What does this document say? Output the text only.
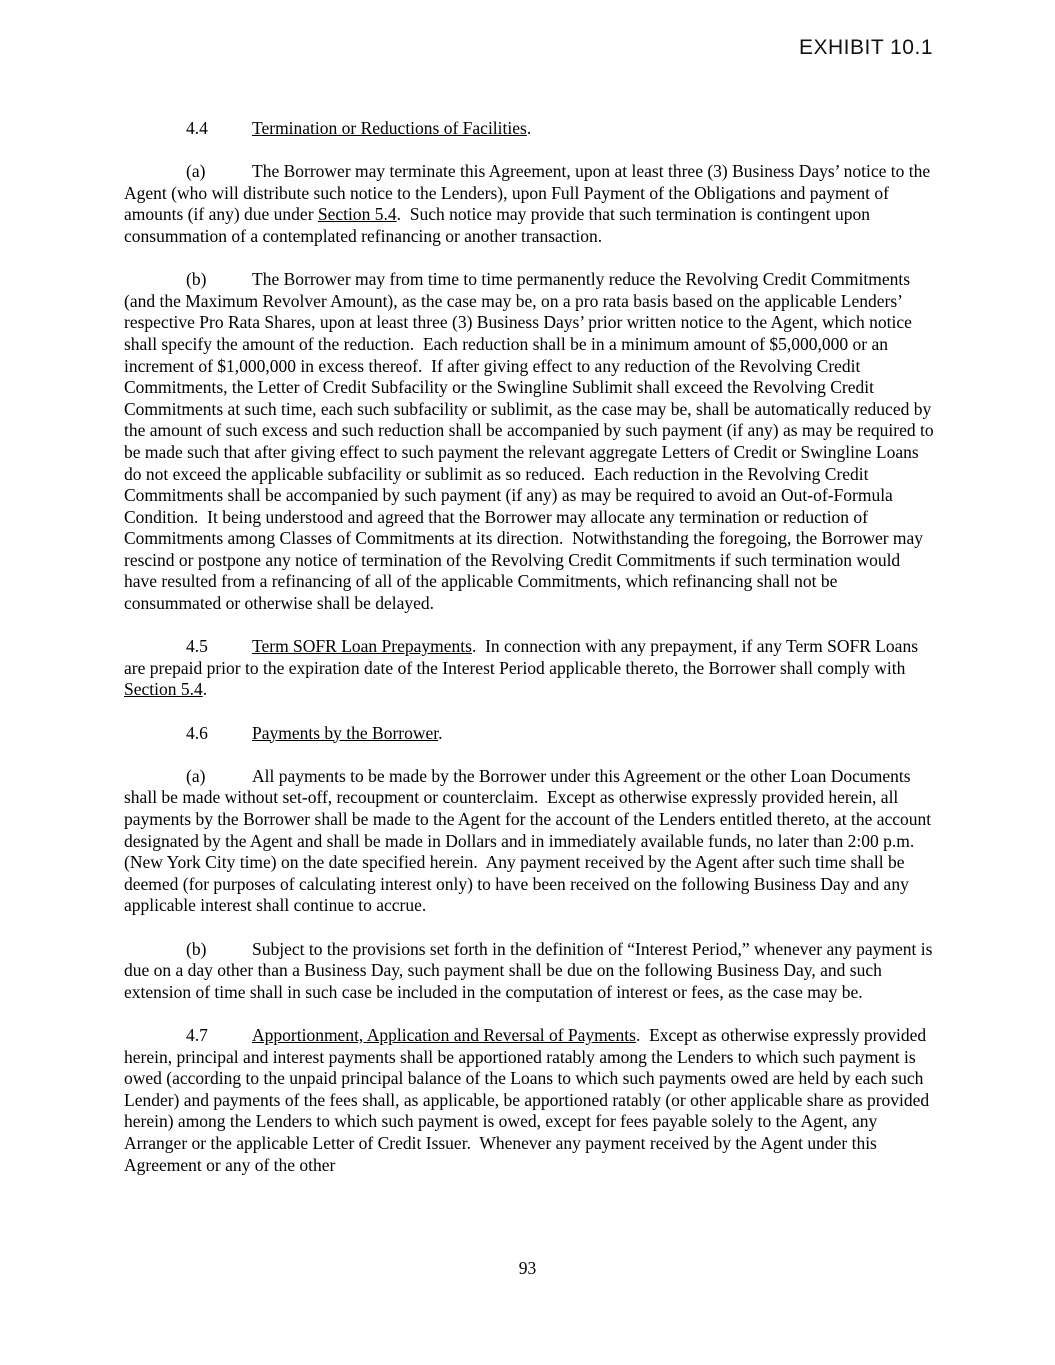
EXHIBIT 10.1

4.4	Termination or Reductions of Facilities.

(a)	The Borrower may terminate this Agreement, upon at least three (3) Business Days’ notice to the Agent (who will distribute such notice to the Lenders), upon Full Payment of the Obligations and payment of amounts (if any) due under Section 5.4.  Such notice may provide that such termination is contingent upon consummation of a contemplated refinancing or another transaction.

(b)	The Borrower may from time to time permanently reduce the Revolving Credit Commitments (and the Maximum Revolver Amount), as the case may be, on a pro rata basis based on the applicable Lenders’ respective Pro Rata Shares, upon at least three (3) Business Days’ prior written notice to the Agent, which notice shall specify the amount of the reduction.  Each reduction shall be in a minimum amount of $5,000,000 or an increment of $1,000,000 in excess thereof.  If after giving effect to any reduction of the Revolving Credit Commitments, the Letter of Credit Subfacility or the Swingline Sublimit shall exceed the Revolving Credit Commitments at such time, each such subfacility or sublimit, as the case may be, shall be automatically reduced by the amount of such excess and such reduction shall be accompanied by such payment (if any) as may be required to be made such that after giving effect to such payment the relevant aggregate Letters of Credit or Swingline Loans do not exceed the applicable subfacility or sublimit as so reduced.  Each reduction in the Revolving Credit Commitments shall be accompanied by such payment (if any) as may be required to avoid an Out-of-Formula Condition.  It being understood and agreed that the Borrower may allocate any termination or reduction of Commitments among Classes of Commitments at its direction.  Notwithstanding the foregoing, the Borrower may rescind or postpone any notice of termination of the Revolving Credit Commitments if such termination would have resulted from a refinancing of all of the applicable Commitments, which refinancing shall not be consummated or otherwise shall be delayed.

4.5	Term SOFR Loan Prepayments.  In connection with any prepayment, if any Term SOFR Loans are prepaid prior to the expiration date of the Interest Period applicable thereto, the Borrower shall comply with Section 5.4.

4.6	Payments by the Borrower.

(a)	All payments to be made by the Borrower under this Agreement or the other Loan Documents shall be made without set-off, recoupment or counterclaim.  Except as otherwise expressly provided herein, all payments by the Borrower shall be made to the Agent for the account of the Lenders entitled thereto, at the account designated by the Agent and shall be made in Dollars and in immediately available funds, no later than 2:00 p.m. (New York City time) on the date specified herein.  Any payment received by the Agent after such time shall be deemed (for purposes of calculating interest only) to have been received on the following Business Day and any applicable interest shall continue to accrue.

(b)	Subject to the provisions set forth in the definition of “Interest Period,” whenever any payment is due on a day other than a Business Day, such payment shall be due on the following Business Day, and such extension of time shall in such case be included in the computation of interest or fees, as the case may be.

4.7	Apportionment, Application and Reversal of Payments.  Except as otherwise expressly provided herein, principal and interest payments shall be apportioned ratably among the Lenders to which such payment is owed (according to the unpaid principal balance of the Loans to which such payments owed are held by each such Lender) and payments of the fees shall, as applicable, be apportioned ratably (or other applicable share as provided herein) among the Lenders to which such payment is owed, except for fees payable solely to the Agent, any Arranger or the applicable Letter of Credit Issuer.  Whenever any payment received by the Agent under this Agreement or any of the other

93
